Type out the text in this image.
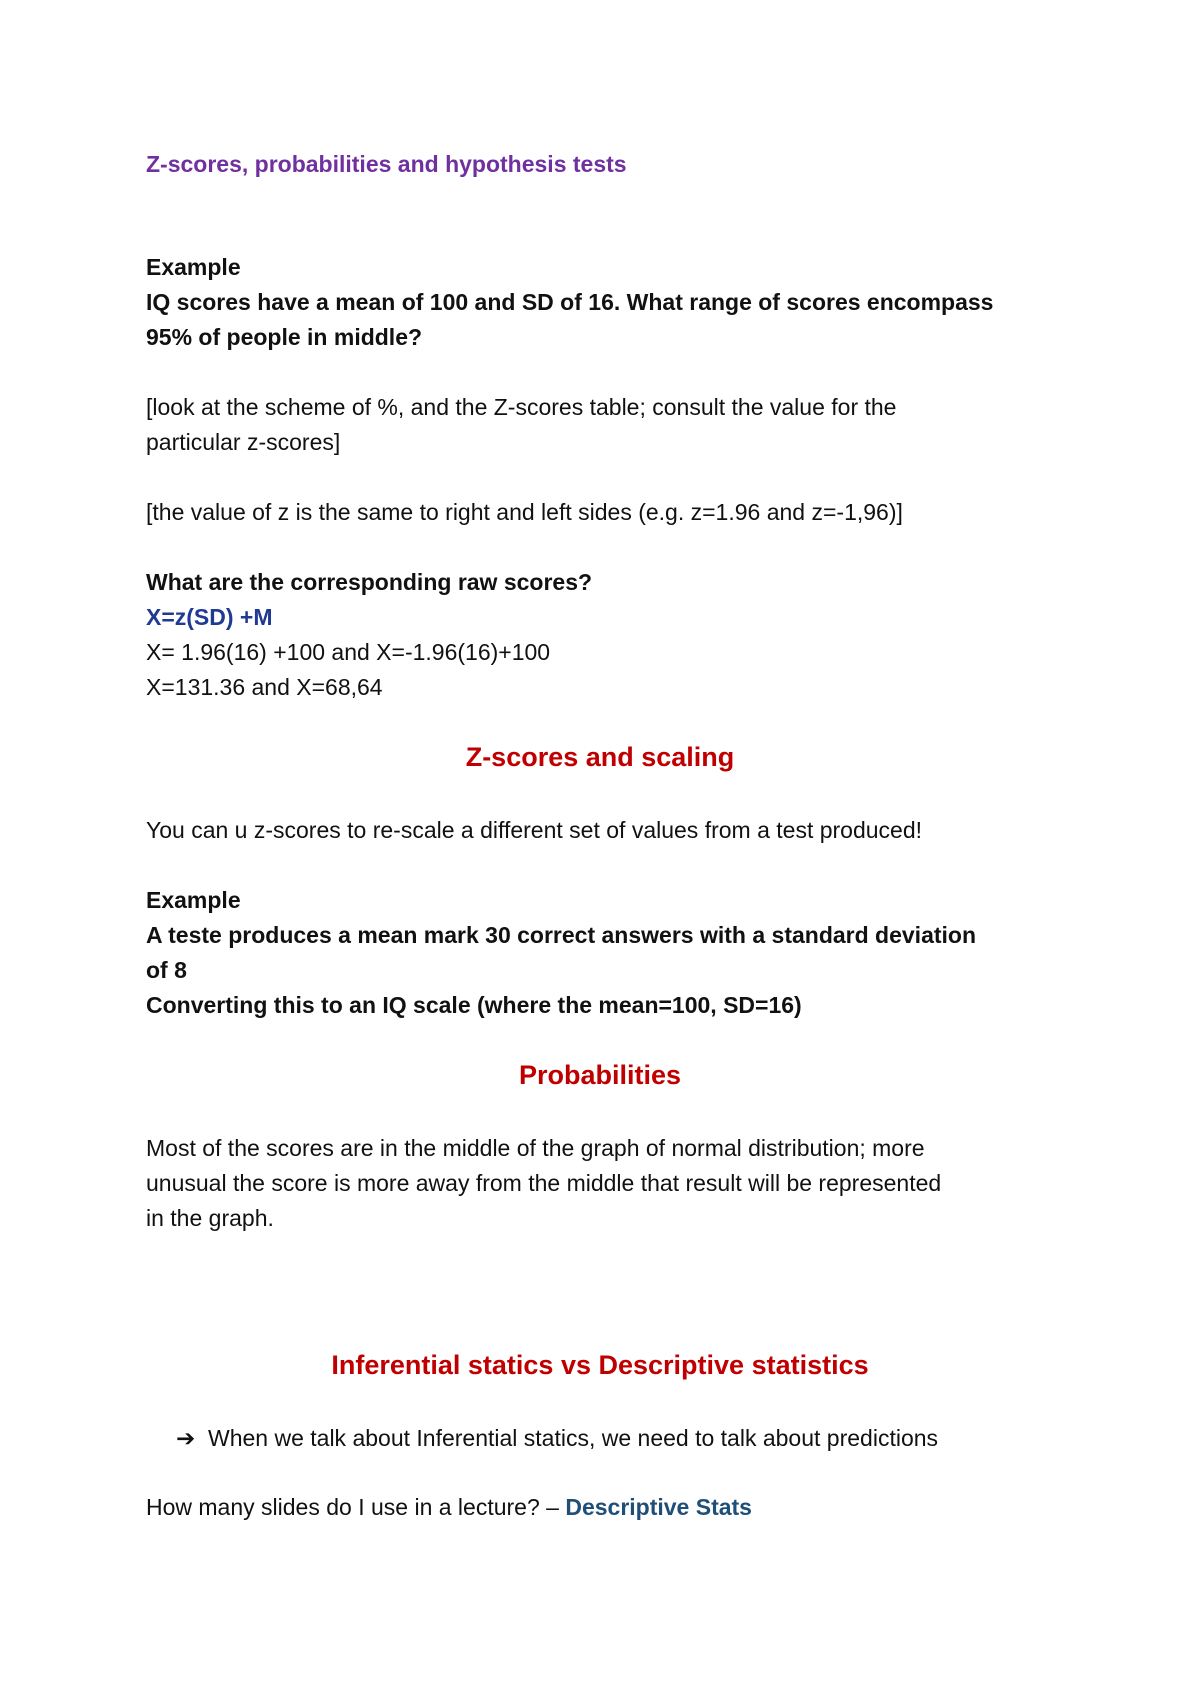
Z-scores, probabilities and hypothesis tests
Example
IQ scores have a mean of 100 and SD of 16. What range of scores encompass
95% of people in middle?
[look at the scheme of %, and the Z-scores table; consult the value for the
particular z-scores]
[the value of z is the same to right and left sides (e.g. z=1.96 and z=-1,96)]
What are the corresponding raw scores?
X=z(SD) +M
X= 1.96(16) +100 and X=-1.96(16)+100
X=131.36 and X=68,64
Z-scores and scaling
You can u z-scores to re-scale a different set of values from a test produced!
Example
A teste produces a mean mark 30 correct answers with a standard deviation
of 8
Converting this to an IQ scale (where the mean=100, SD=16)
Probabilities
Most of the scores are in the middle of the graph of normal distribution; more
unusual the score is more away from the middle that result will be represented
in the graph.
Inferential statics vs Descriptive statistics
➔ When we talk about Inferential statics, we need to talk about predictions
How many slides do I use in a lecture? – Descriptive Stats
